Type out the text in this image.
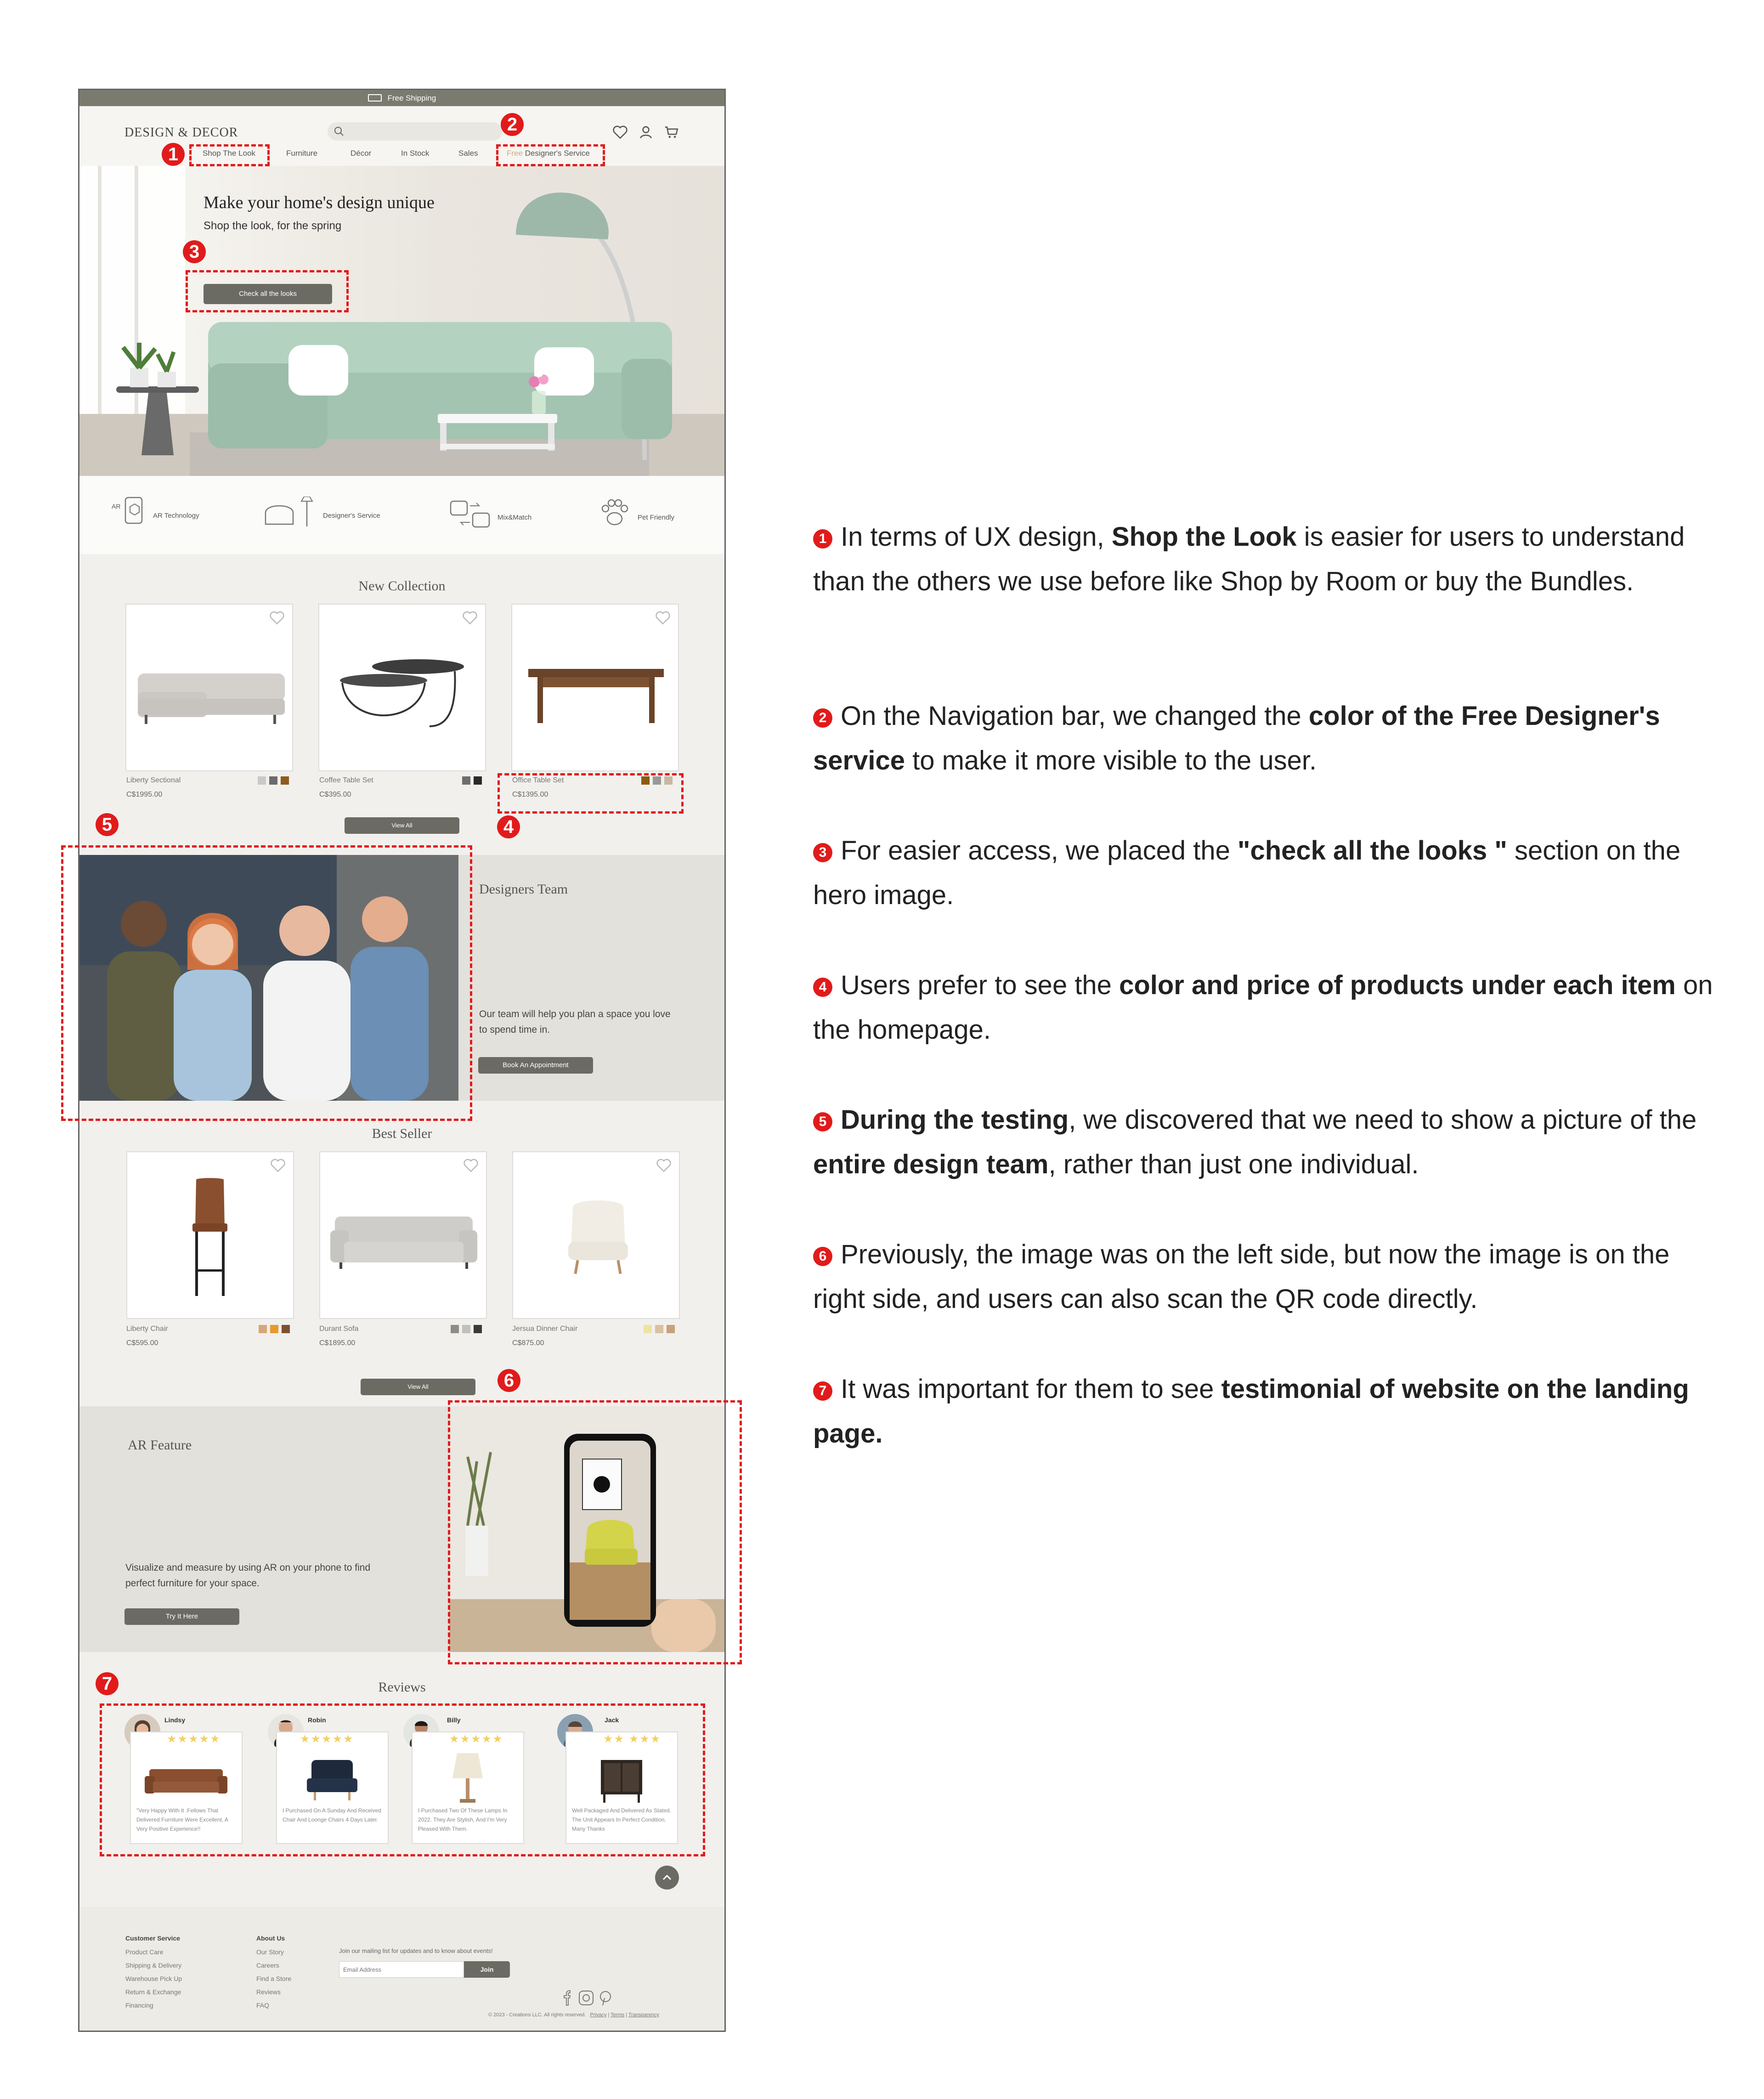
Free Shipping
DESIGN & DECOR
Shop The Look	Furniture	Décor	In Stock	Sales	Free Designer's Service
Make your home's design unique
Shop the look, for the spring
Check all the looks
AR
AR Technology	Designer's Service	Mix&Match	Pet Friendly
New Collection
Liberty Sectional
C$1995.00
Coffee Table Set
C$395.00
Office Table Set
C$1395.00
View All
Designers Team
Our team will help you plan a space you love to spend time in.
Book An Appointment
Best Seller
Liberty Chair
C$595.00
Durant Sofa
C$1895.00
Jersua Dinner Chair
C$875.00
View All
AR Feature
Visualize and measure by using AR on your phone to find perfect furniture for your space.
Try It Here
Reviews
Lindsy
★★★★★
"Very Happy With It .Fellows That Delivered Furniture Were Excellent, A Very Positive Experience!!
Robin
★★★★★
I Purchased On A Sunday And Received Chair And Loonge Chairs 4 Days Later.
Billy
★★★★★
I Purchased Two Of These Lamps In 2022. They Are Stylish, And I'm Very Pleased With Them.
Jack
★★ ★★★
Well Packaged And Delivered As Stated. The Unit Appears In Perfect Condition. Many Thanks
Customer Service
Product Care
Shipping & Delivery
Warehouse Pick Up
Return & Exchange
Financing
About Us
Our Story
Careers
Find a Store
Reviews
FAQ
Join our mailing list for updates and to know about events!
Email Address
Join
© 2023 - Creations LLC. All rights reserved. Privacy | Terms | Transparency
1
2
3
4
5
6
7
1 In terms of UX design, Shop the Look is easier for users to understand than the others we use before like Shop by Room or buy the Bundles.
2 On the Navigation bar, we changed the color of the Free Designer's service to make it more visible to the user.
3 For easier access, we placed the "check all the looks " section on the hero image.
4 Users prefer to see the color and price of products under each item on the homepage.
5 During the testing, we discovered that we need to show a picture of the entire design team, rather than just one individual.
6 Previously, the image was on the left side, but now the image is on the right side, and users can also scan the QR code directly.
7 It was important for them to see testimonial of website on the landing page.
